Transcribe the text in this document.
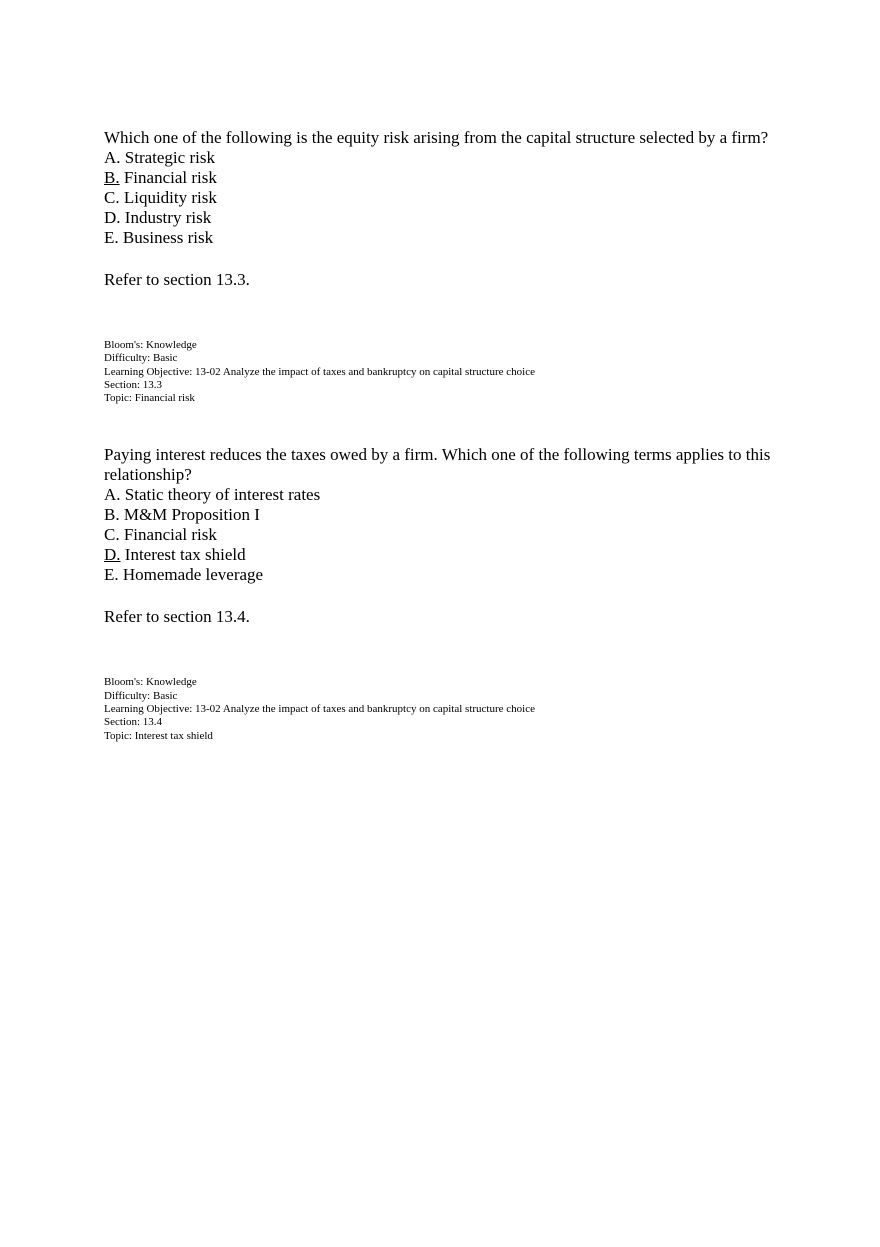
Which one of the following is the equity risk arising from the capital structure selected by a firm?

A. Strategic risk
B. Financial risk
C. Liquidity risk
D. Industry risk
E. Business risk
Refer to section 13.3.
Bloom's: Knowledge
Difficulty: Basic
Learning Objective: 13-02 Analyze the impact of taxes and bankruptcy on capital structure choice
Section: 13.3
Topic: Financial risk

Paying interest reduces the taxes owed by a firm. Which one of the following terms applies to this relationship?

A. Static theory of interest rates
B. M&M Proposition I
C. Financial risk
D. Interest tax shield
E. Homemade leverage
Refer to section 13.4.
Bloom's: Knowledge
Difficulty: Basic
Learning Objective: 13-02 Analyze the impact of taxes and bankruptcy on capital structure choice
Section: 13.4
Topic: Interest tax shield
